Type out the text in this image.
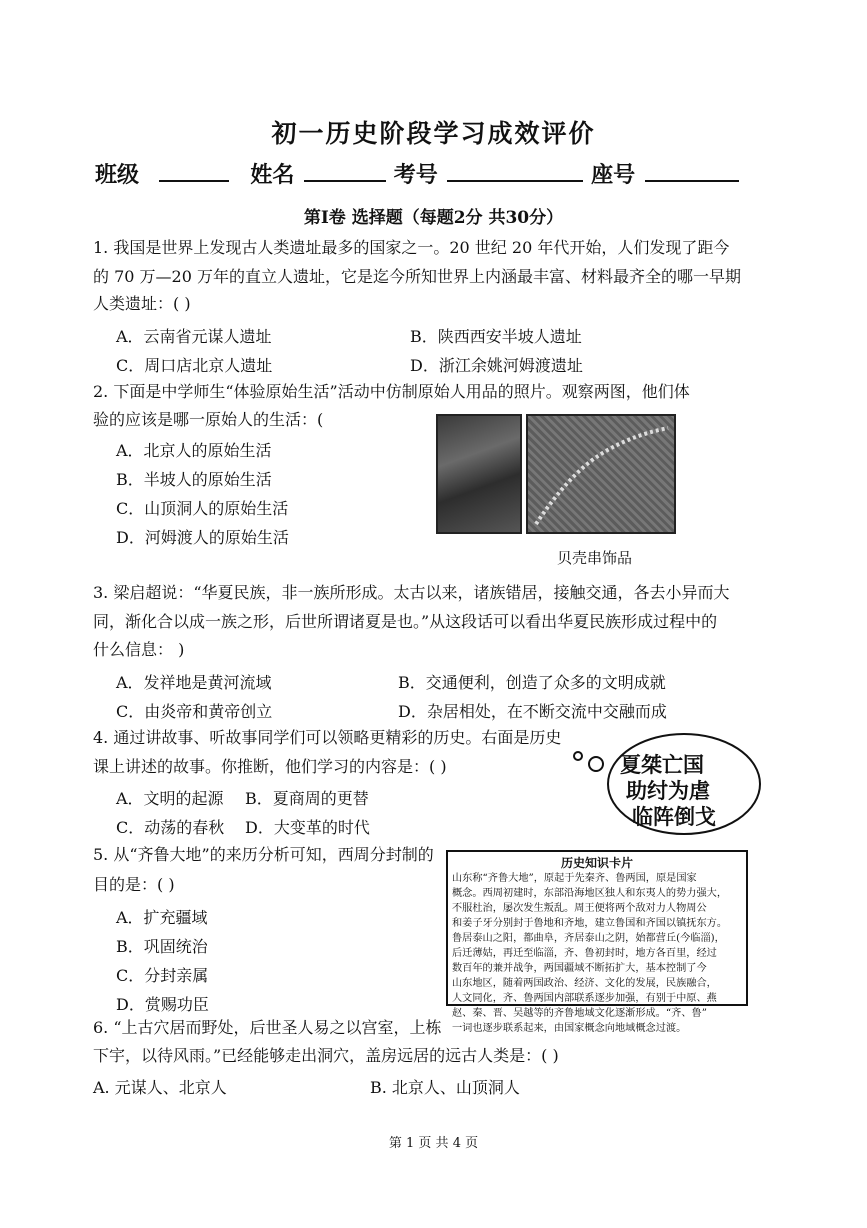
初一历史阶段学习成效评价
班级	姓名	考号	座号
第Ⅰ卷 选择题（每题2分 共30分）
1. 我国是世界上发现古人类遗址最多的国家之一。20 世纪 20 年代开始，人们发现了距今
的 70 万—20 万年的直立人遗址，它是迄今所知世界上内涵最丰富、材料最齐全的哪一早期
人类遗址：( )
A．云南省元谋人遗址	B．陕西西安半坡人遗址
C．周口店北京人遗址	D．浙江余姚河姆渡遗址
2. 下面是中学师生“体验原始生活”活动中仿制原始人用品的照片。观察两图，他们体
验的应该是哪一原始人的生活：(
A．北京人的原始生活
B．半坡人的原始生活
C．山顶洞人的原始生活
D．河姆渡人的原始生活
贝壳串饰品
3. 梁启超说：“华夏民族，非一族所形成。太古以来，诸族错居，接触交通，各去小异而大
同，渐化合以成一族之形，后世所谓诸夏是也。”从这段话可以看出华夏民族形成过程中的
什么信息： )
A．发祥地是黄河流域	B．交通便利，创造了众多的文明成就
C．由炎帝和黄帝创立	D．杂居相处，在不断交流中交融而成
4. 通过讲故事、听故事同学们可以领略更精彩的历史。右面是历史
课上讲述的故事。你推断，他们学习的内容是：( )
A．文明的起源 B．夏商周的更替
C．动荡的春秋 D．大变革的时代
夏桀亡国
助纣为虐
临阵倒戈
5. 从“齐鲁大地”的来历分析可知，西周分封制的
目的是：( )
A．扩充疆域
B．巩固统治
C．分封亲属
D．赏赐功臣
历史知识卡片
山东称“齐鲁大地”，原起于先秦齐、鲁两国，原是国家
概念。西周初建时，东部沿海地区独人和东夷人的势力强大，
不服杜治，屡次发生叛乱。周王便将两个敌对力人物周公
和姜子牙分别封于鲁地和齐地，建立鲁国和齐国以镇抚东方。
鲁居泰山之阳，都曲阜，齐居泰山之阴，始都营丘(今临淄)，
后迁薄姑，再迁至临淄，齐、鲁初封时，地方各百里，经过
数百年的兼并战争，两国疆域不断拓扩大，基本控制了今
山东地区，随着两国政治、经济、文化的发展，民族融合，
人文同化，齐、鲁两国内部联系逐步加强，有别于中原、燕
赵、秦、晋、吴越等的齐鲁地域文化逐渐形成。“齐、鲁”
一词也逐步联系起来，由国家概念向地域概念过渡。
6. “上古穴居而野处，后世圣人易之以宫室，上栋
下宇，以待风雨。”已经能够走出洞穴，盖房远居的远古人类是：( )
A. 元谋人、北京人	B. 北京人、山顶洞人
第 1 页 共 4 页
